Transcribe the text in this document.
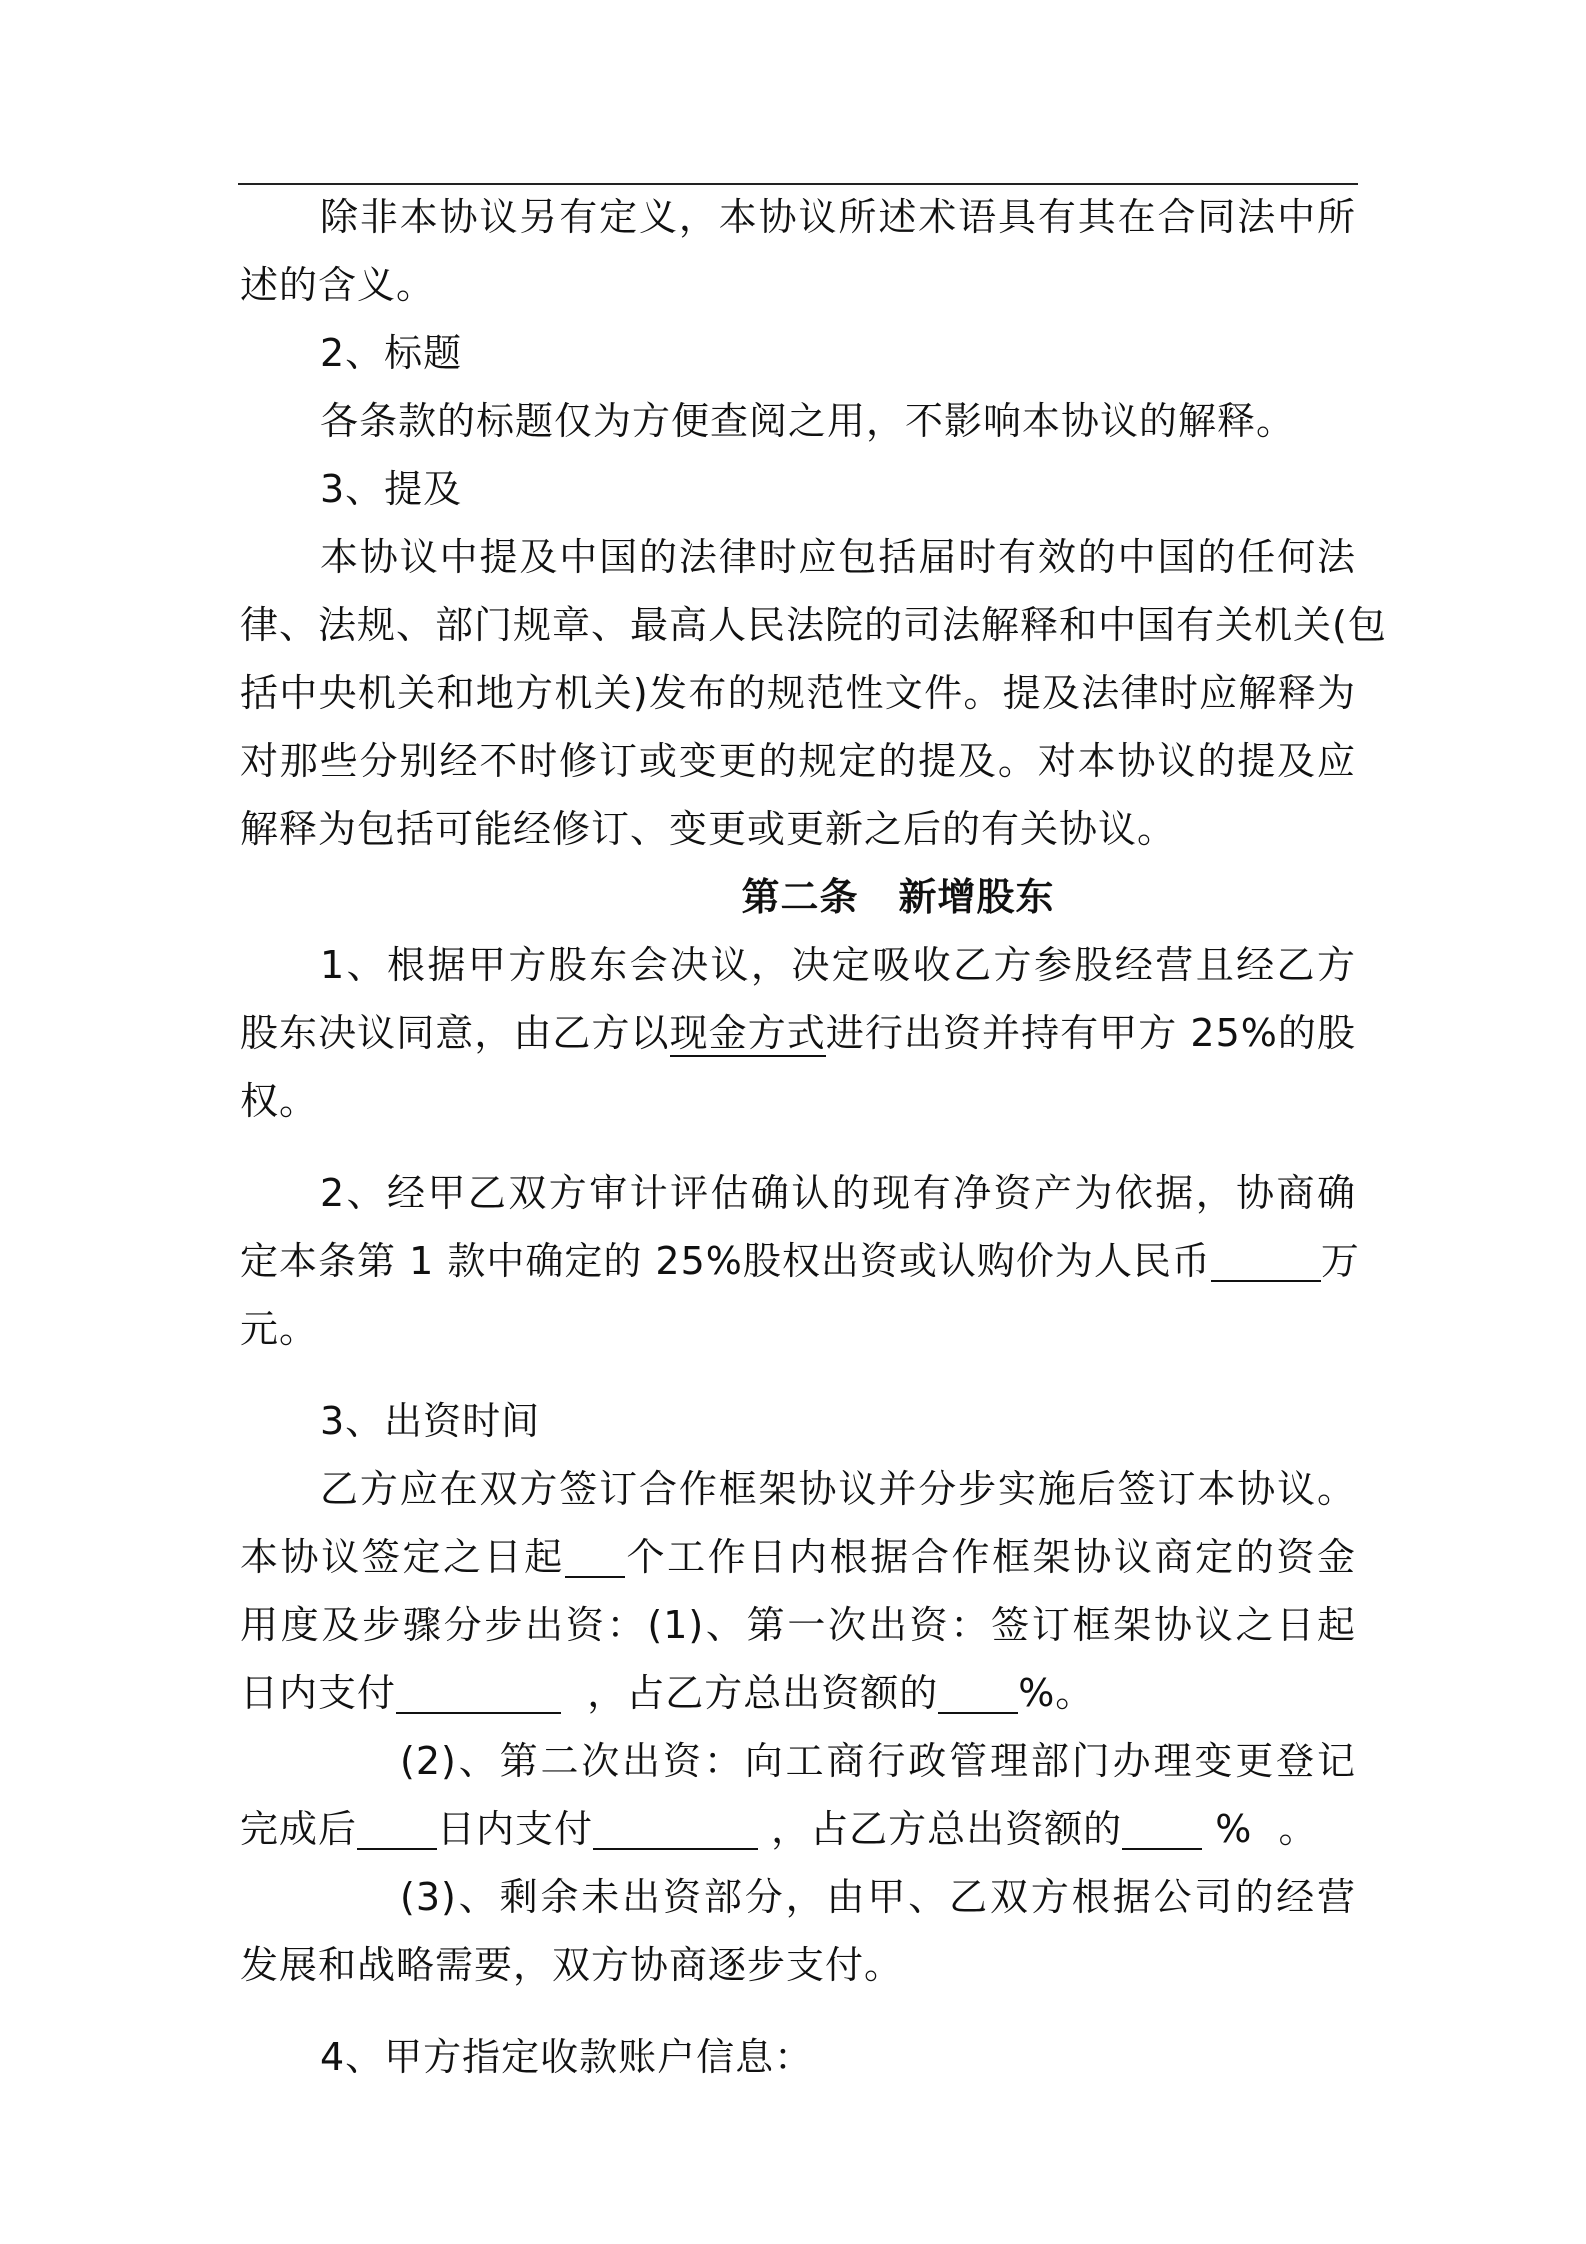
除非本协议另有定义，本协议所述术语具有其在合同法中所
述的含义。
2、标题
各条款的标题仅为方便查阅之用，不影响本协议的解释。
3、提及
本协议中提及中国的法律时应包括届时有效的中国的任何法
律、法规、部门规章、最高人民法院的司法解释和中国有关机关(包
括中央机关和地方机关)发布的规范性文件。提及法律时应解释为
对那些分别经不时修订或变更的规定的提及。对本协议的提及应
解释为包括可能经修订、变更或更新之后的有关协议。
第二条 新增股东
1、根据甲方股东会决议，决定吸收乙方参股经营且经乙方
股东决议同意，由乙方以现金方式进行出资并持有甲方 25%的股
权。
2、经甲乙双方审计评估确认的现有净资产为依据，协商确
定本条第 1 款中确定的 25%股权出资或认购价为人民币	万
元。
3、出资时间
乙方应在双方签订合作框架协议并分步实施后签订本协议。
本协议签定之日起 个工作日内根据合作框架协议商定的资金
用度及步骤分步出资：(1)、第一次出资：签订框架协议之日起
日内支付	，占乙方总出资额的 %。
(2)、第二次出资：向工商行政管理部门办理变更登记
完成后 日内支付	，占乙方总出资额的 % 。
(3)、剩余未出资部分，由甲、乙双方根据公司的经营
发展和战略需要，双方协商逐步支付。
4、甲方指定收款账户信息：
